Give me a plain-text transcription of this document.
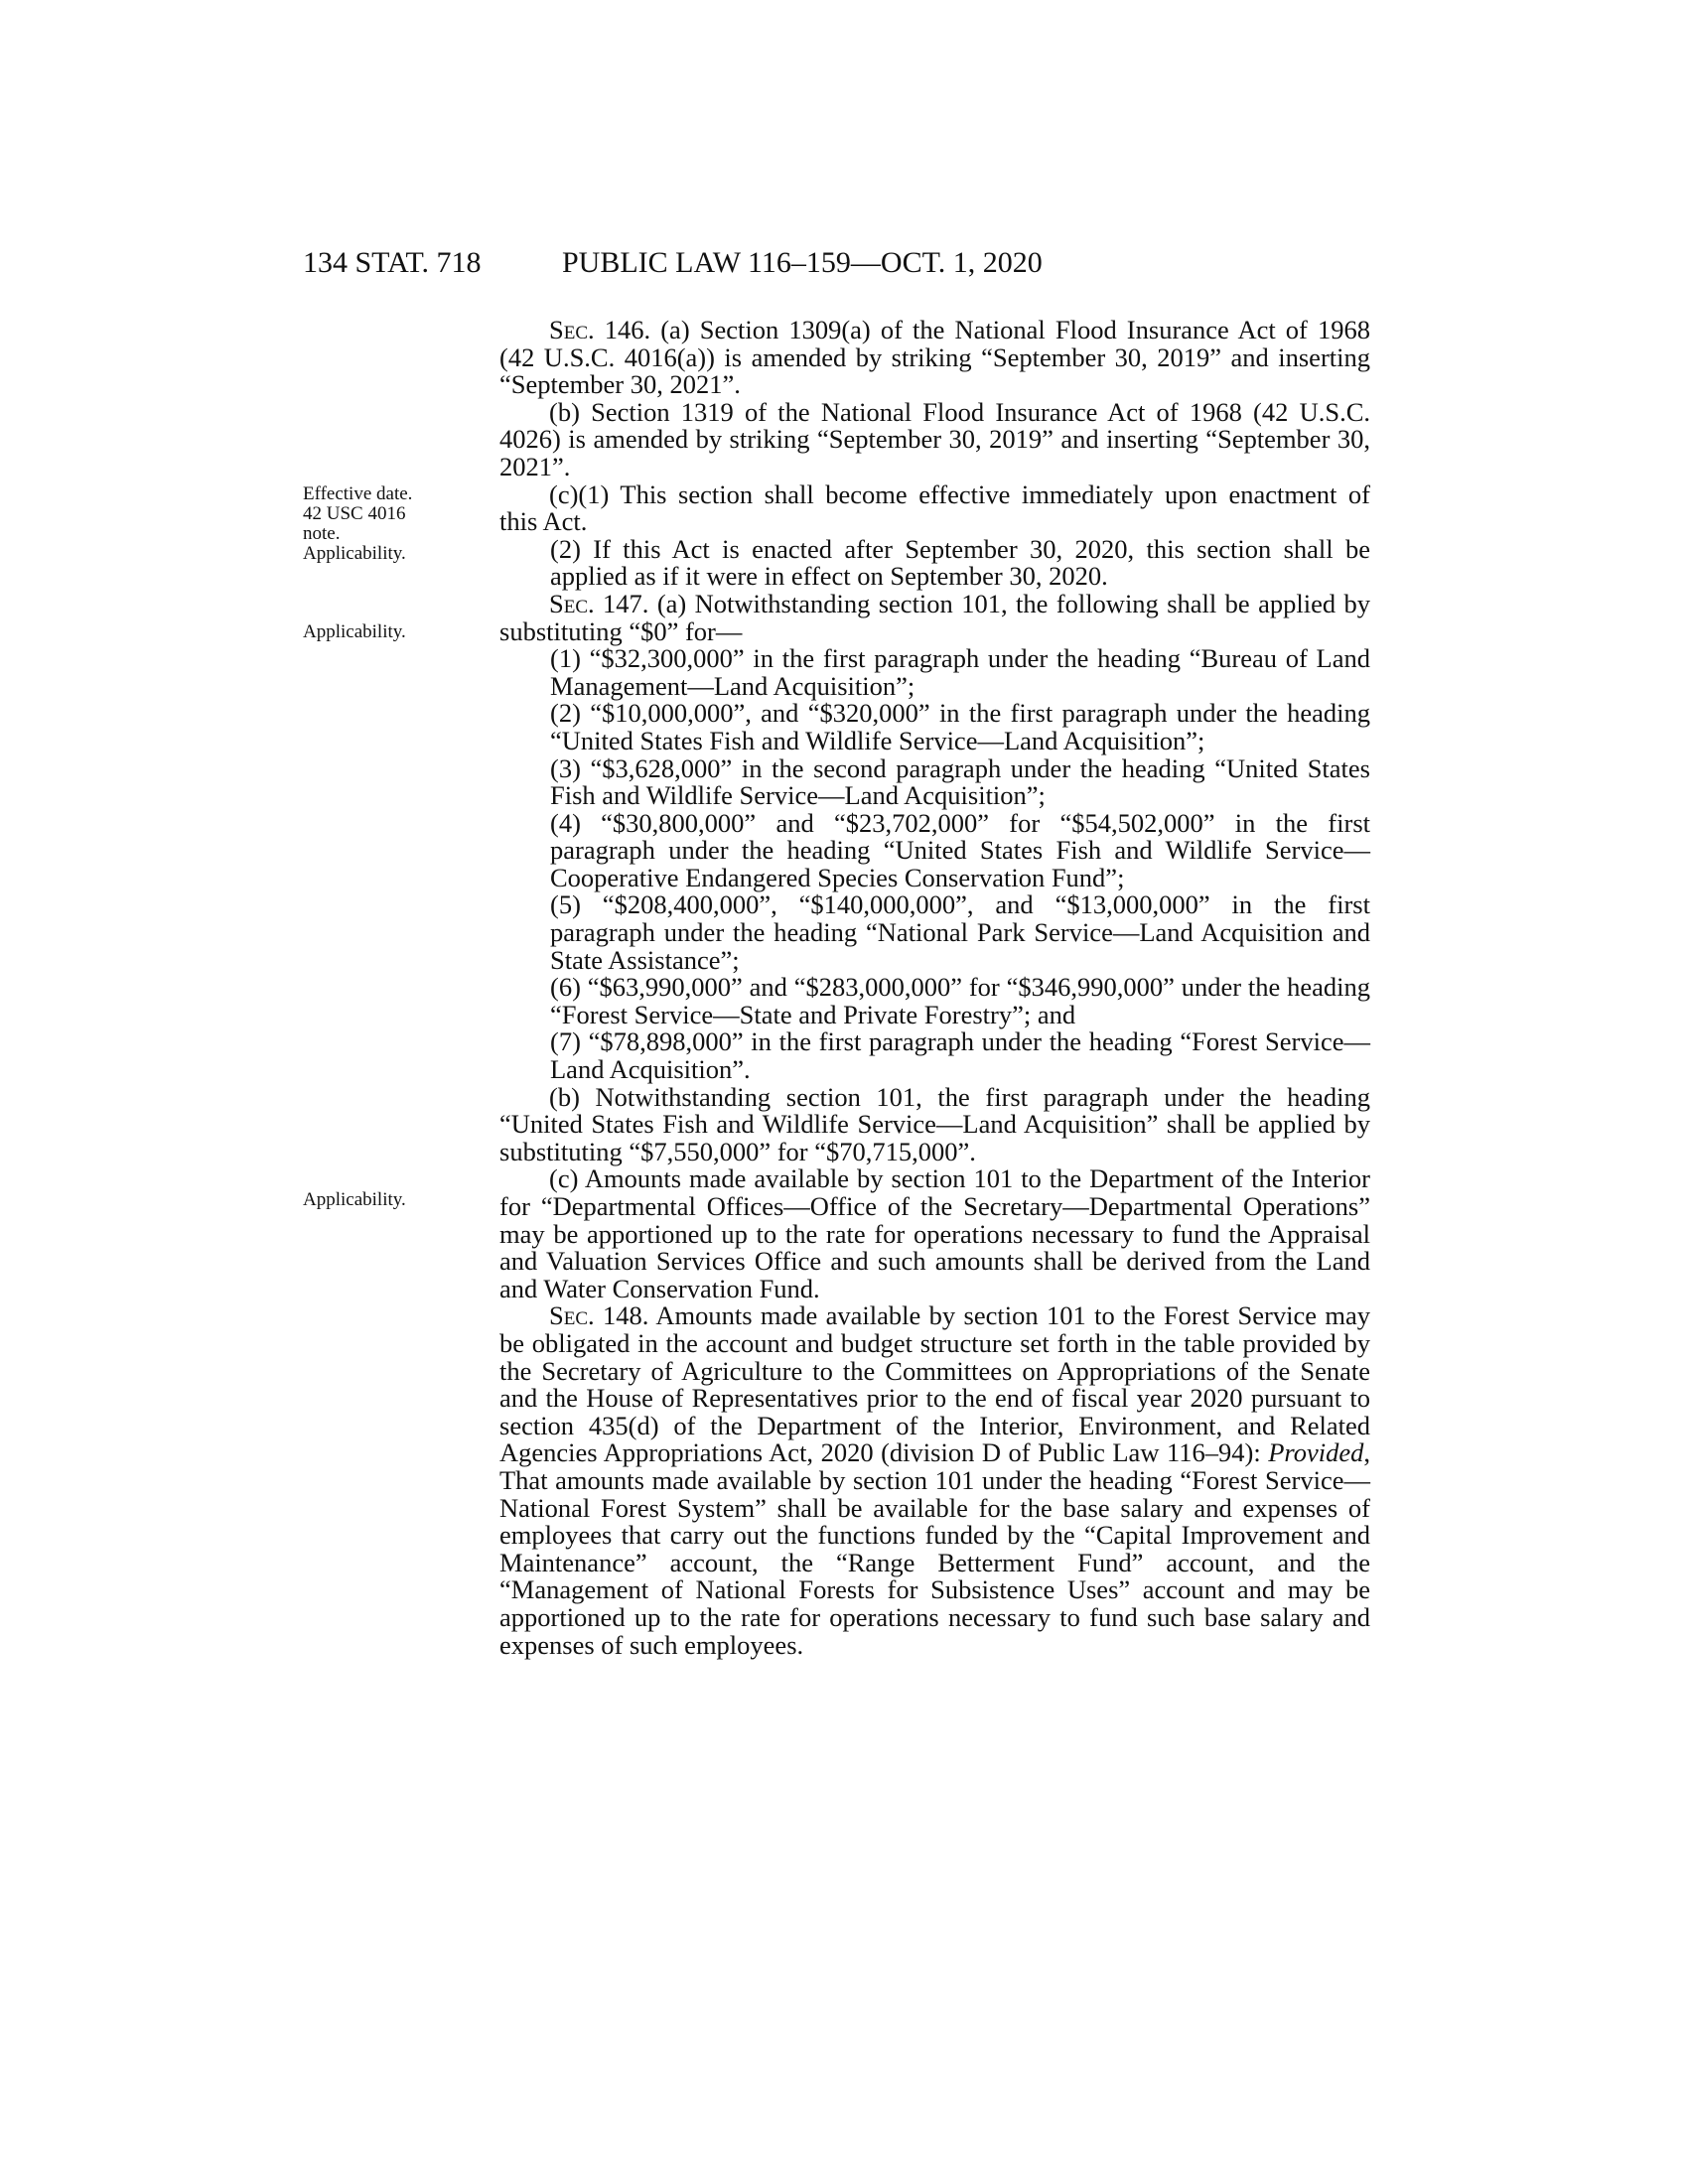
134 STAT. 718	PUBLIC LAW 116–159—OCT. 1, 2020
Effective date.
42 USC 4016
note.
Applicability.
Applicability.
Applicability.

Sec. 146. (a) Section 1309(a) of the National Flood Insurance Act of 1968 (42 U.S.C. 4016(a)) is amended by striking “September 30, 2019” and inserting “September 30, 2021”.

(b) Section 1319 of the National Flood Insurance Act of 1968 (42 U.S.C. 4026) is amended by striking “September 30, 2019” and inserting “September 30, 2021”.

(c)(1) This section shall become effective immediately upon enactment of this Act.

(2) If this Act is enacted after September 30, 2020, this section shall be applied as if it were in effect on September 30, 2020.

Sec. 147. (a) Notwithstanding section 101, the following shall be applied by substituting “$0” for—

(1) “$32,300,000” in the first paragraph under the heading “Bureau of Land Management—Land Acquisition”;

(2) “$10,000,000”, and “$320,000” in the first paragraph under the heading “United States Fish and Wildlife Service—Land Acquisition”;

(3) “$3,628,000” in the second paragraph under the heading “United States Fish and Wildlife Service—Land Acquisition”;

(4) “$30,800,000” and “$23,702,000” for “$54,502,000” in the first paragraph under the heading “United States Fish and Wildlife Service—Cooperative Endangered Species Conservation Fund”;

(5) “$208,400,000”, “$140,000,000”, and “$13,000,000” in the first paragraph under the heading “National Park Service—Land Acquisition and State Assistance”;

(6) “$63,990,000” and “$283,000,000” for “$346,990,000” under the heading “Forest Service—State and Private Forestry”; and

(7) “$78,898,000” in the first paragraph under the heading “Forest Service—Land Acquisition”.

(b) Notwithstanding section 101, the first paragraph under the heading “United States Fish and Wildlife Service—Land Acquisition” shall be applied by substituting “$7,550,000” for “$70,715,000”.

(c) Amounts made available by section 101 to the Department of the Interior for “Departmental Offices—Office of the Secretary—Departmental Operations” may be apportioned up to the rate for operations necessary to fund the Appraisal and Valuation Services Office and such amounts shall be derived from the Land and Water Conservation Fund.

Sec. 148. Amounts made available by section 101 to the Forest Service may be obligated in the account and budget structure set forth in the table provided by the Secretary of Agriculture to the Committees on Appropriations of the Senate and the House of Representatives prior to the end of fiscal year 2020 pursuant to section 435(d) of the Department of the Interior, Environment, and Related Agencies Appropriations Act, 2020 (division D of Public Law 116–94): Provided, That amounts made available by section 101 under the heading “Forest Service—National Forest System” shall be available for the base salary and expenses of employees that carry out the functions funded by the “Capital Improvement and Maintenance” account, the “Range Betterment Fund” account, and the “Management of National Forests for Subsistence Uses” account and may be apportioned up to the rate for operations necessary to fund such base salary and expenses of such employees.
